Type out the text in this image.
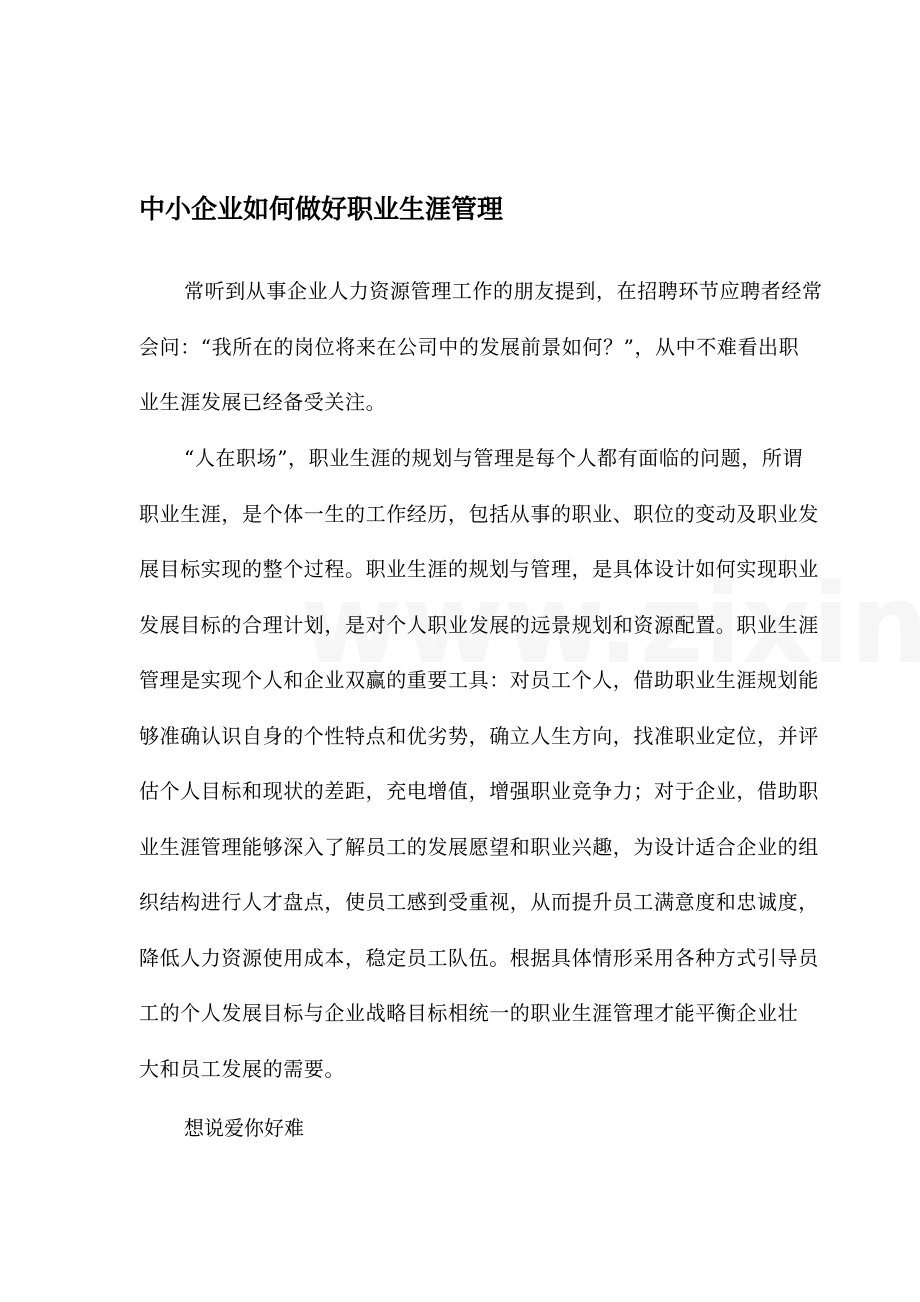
中小企业如何做好职业生涯管理
常听到从事企业人力资源管理工作的朋友提到，在招聘环节应聘者经常
会问：“我所在的岗位将来在公司中的发展前景如何？”，从中不难看出职
业生涯发展已经备受关注。
“人在职场”，职业生涯的规划与管理是每个人都有面临的问题，所谓
职业生涯，是个体一生的工作经历，包括从事的职业、职位的变动及职业发
展目标实现的整个过程。职业生涯的规划与管理，是具体设计如何实现职业
发展目标的合理计划，是对个人职业发展的远景规划和资源配置。职业生涯
管理是实现个人和企业双赢的重要工具：对员工个人，借助职业生涯规划能
够准确认识自身的个性特点和优劣势，确立人生方向，找准职业定位，并评
估个人目标和现状的差距，充电增值，增强职业竞争力；对于企业，借助职
业生涯管理能够深入了解员工的发展愿望和职业兴趣，为设计适合企业的组
织结构进行人才盘点，使员工感到受重视，从而提升员工满意度和忠诚度，
降低人力资源使用成本，稳定员工队伍。根据具体情形采用各种方式引导员
工的个人发展目标与企业战略目标相统一的职业生涯管理才能平衡企业壮
大和员工发展的需要。
想说爱你好难
